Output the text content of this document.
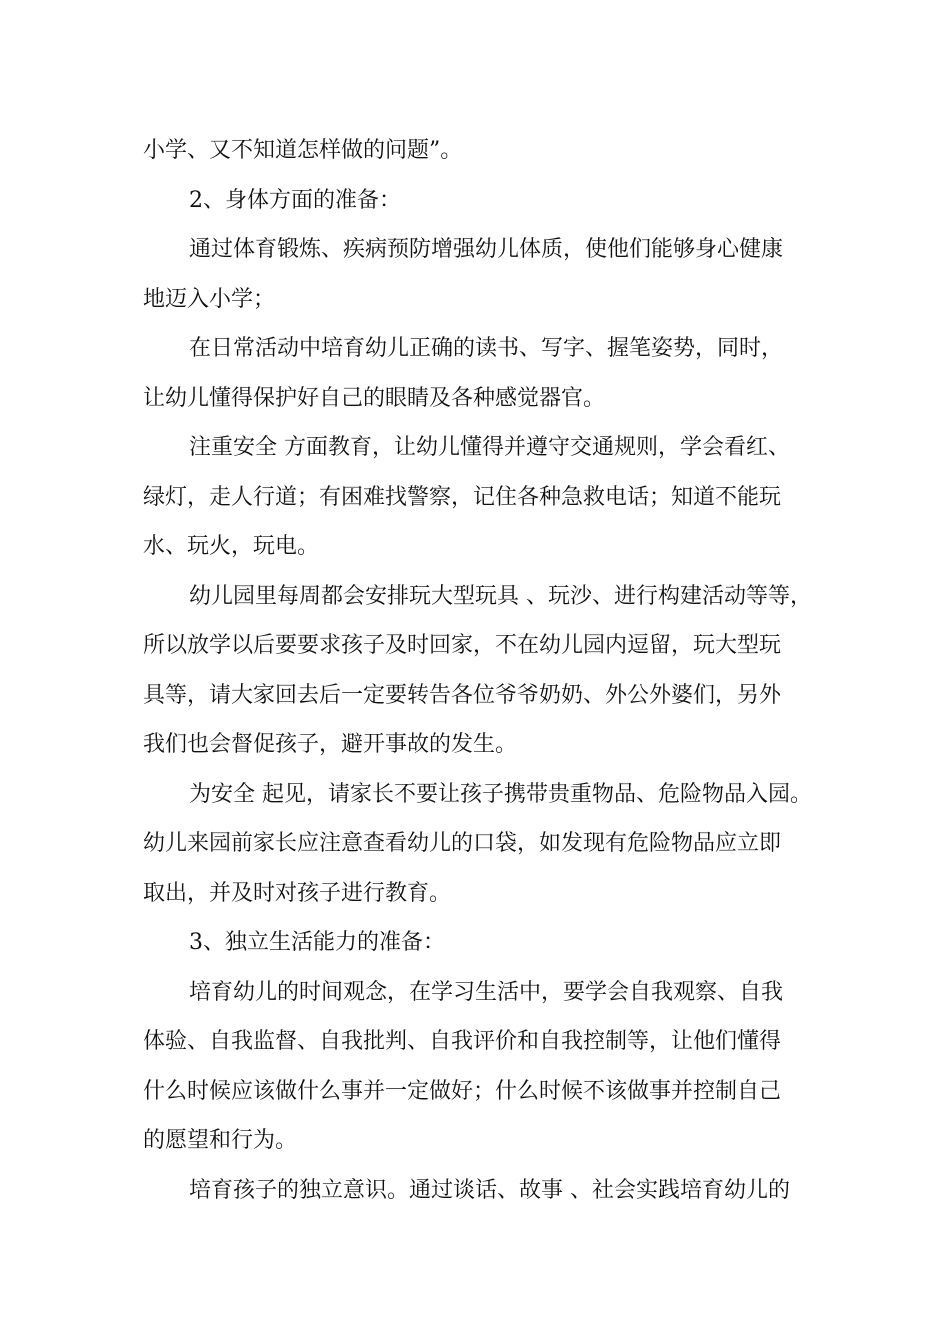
小学、又不知道怎样做的问题”。
2、身体方面的准备：
通过体育锻炼、疾病预防增强幼儿体质，使他们能够身心健康
地迈入小学；
在日常活动中培育幼儿正确的读书、写字、握笔姿势，同时，
让幼儿懂得保护好自己的眼睛及各种感觉器官。
注重安全 方面教育，让幼儿懂得并遵守交通规则，学会看红、
绿灯，走人行道；有困难找警察，记住各种急救电话；知道不能玩
水、玩火，玩电。
幼儿园里每周都会安排玩大型玩具 、玩沙、进行构建活动等等，
所以放学以后要要求孩子及时回家，不在幼儿园内逗留，玩大型玩
具等，请大家回去后一定要转告各位爷爷奶奶、外公外婆们，另外
我们也会督促孩子，避开事故的发生。
为安全 起见，请家长不要让孩子携带贵重物品、危险物品入园。
幼儿来园前家长应注意查看幼儿的口袋，如发现有危险物品应立即
取出，并及时对孩子进行教育。
3、独立生活能力的准备：
培育幼儿的时间观念，在学习生活中，要学会自我观察、自我
体验、自我监督、自我批判、自我评价和自我控制等，让他们懂得
什么时候应该做什么事并一定做好；什么时候不该做事并控制自己
的愿望和行为。
培育孩子的独立意识。通过谈话、故事 、社会实践培育幼儿的
